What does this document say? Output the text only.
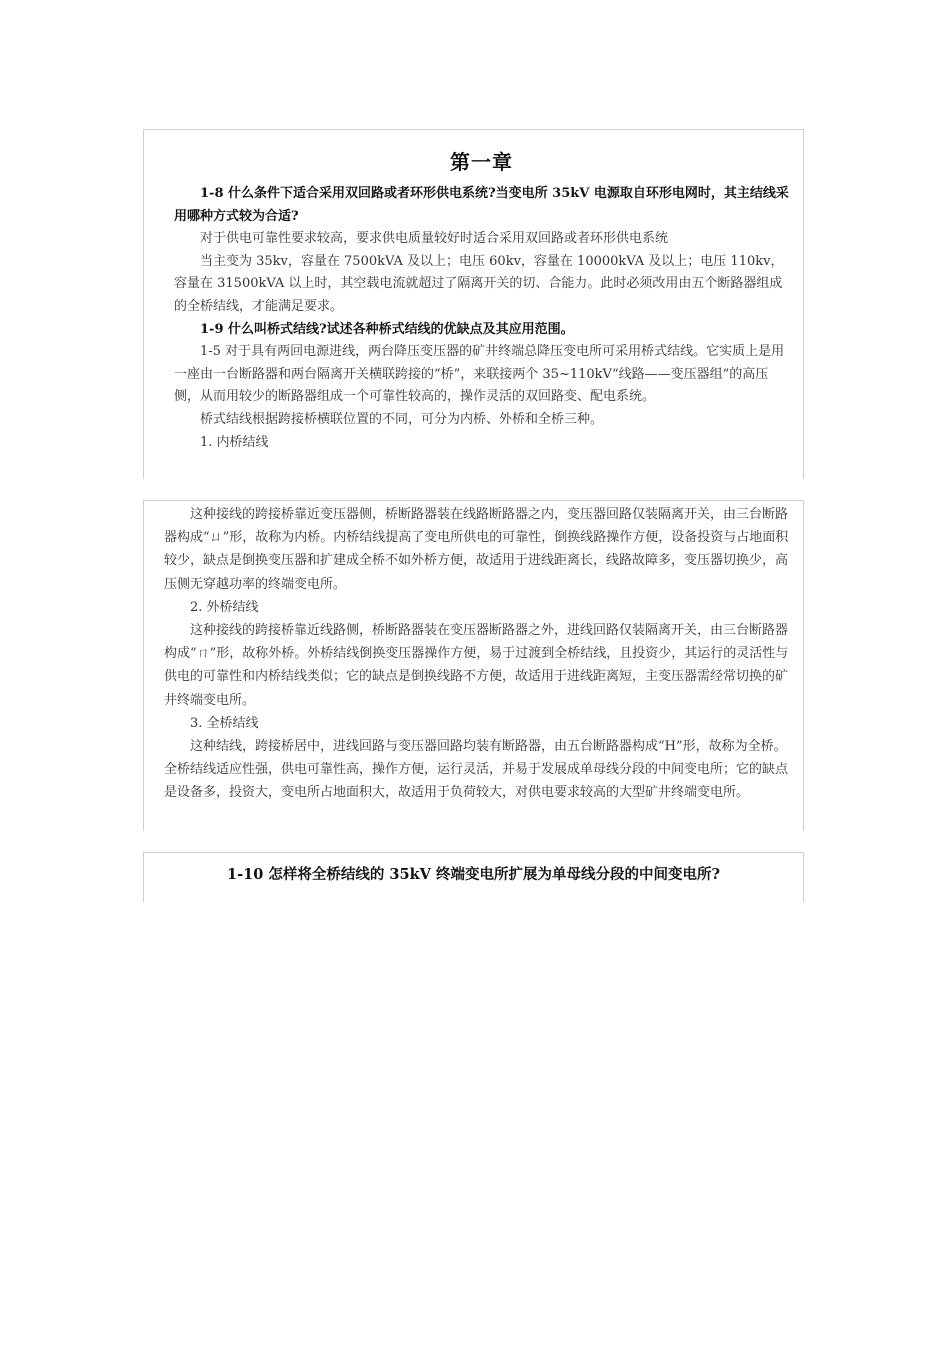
第一章

1-8 什么条件下适合采用双回路或者环形供电系统?当变电所 35kV 电源取自环形电网时，其主结线采用哪种方式较为合适?

对于供电可靠性要求较高，要求供电质量较好时适合采用双回路或者环形供电系统

当主变为 35kv，容量在 7500kVA 及以上；电压 60kv，容量在 10000kVA 及以上；电压 110kv，容量在 31500kVA 以上时，其空载电流就超过了隔离开关的切、合能力。此时必须改用由五个断路器组成的全桥结线，才能满足要求。

1-9 什么叫桥式结线?试述各种桥式结线的优缺点及其应用范围。

1-5 对于具有两回电源进线，两台降压变压器的矿井终端总降压变电所可采用桥式结线。它实质上是用一座由一台断路器和两台隔离开关横联跨接的“桥”，来联接两个 35~110kV“线路——变压器组”的高压侧，从而用较少的断路器组成一个可靠性较高的，操作灵活的双回路变、配电系统。

桥式结线根据跨接桥横联位置的不同，可分为内桥、外桥和全桥三种。

1. 内桥结线

这种接线的跨接桥靠近变压器侧，桥断路器装在线路断路器之内，变压器回路仅装隔离开关，由三台断路器构成“ㄩ”形，故称为内桥。内桥结线提高了变电所供电的可靠性，倒换线路操作方便，设备投资与占地面积较少，缺点是倒换变压器和扩建成全桥不如外桥方便，故适用于进线距离长，线路故障多，变压器切换少，高压侧无穿越功率的终端变电所。

2. 外桥结线

这种接线的跨接桥靠近线路侧，桥断路器装在变压器断路器之外，进线回路仅装隔离开关，由三台断路器构成“ㄇ”形，故称外桥。外桥结线倒换变压器操作方便，易于过渡到全桥结线，且投资少，其运行的灵活性与供电的可靠性和内桥结线类似；它的缺点是倒换线路不方便，故适用于进线距离短，主变压器需经常切换的矿井终端变电所。

3. 全桥结线

这种结线，跨接桥居中，进线回路与变压器回路均装有断路器，由五台断路器构成“H”形，故称为全桥。全桥结线适应性强，供电可靠性高，操作方便，运行灵活，并易于发展成单母线分段的中间变电所；它的缺点是设备多，投资大，变电所占地面积大，故适用于负荷较大，对供电要求较高的大型矿井终端变电所。

1-10 怎样将全桥结线的 35kV 终端变电所扩展为单母线分段的中间变电所?
